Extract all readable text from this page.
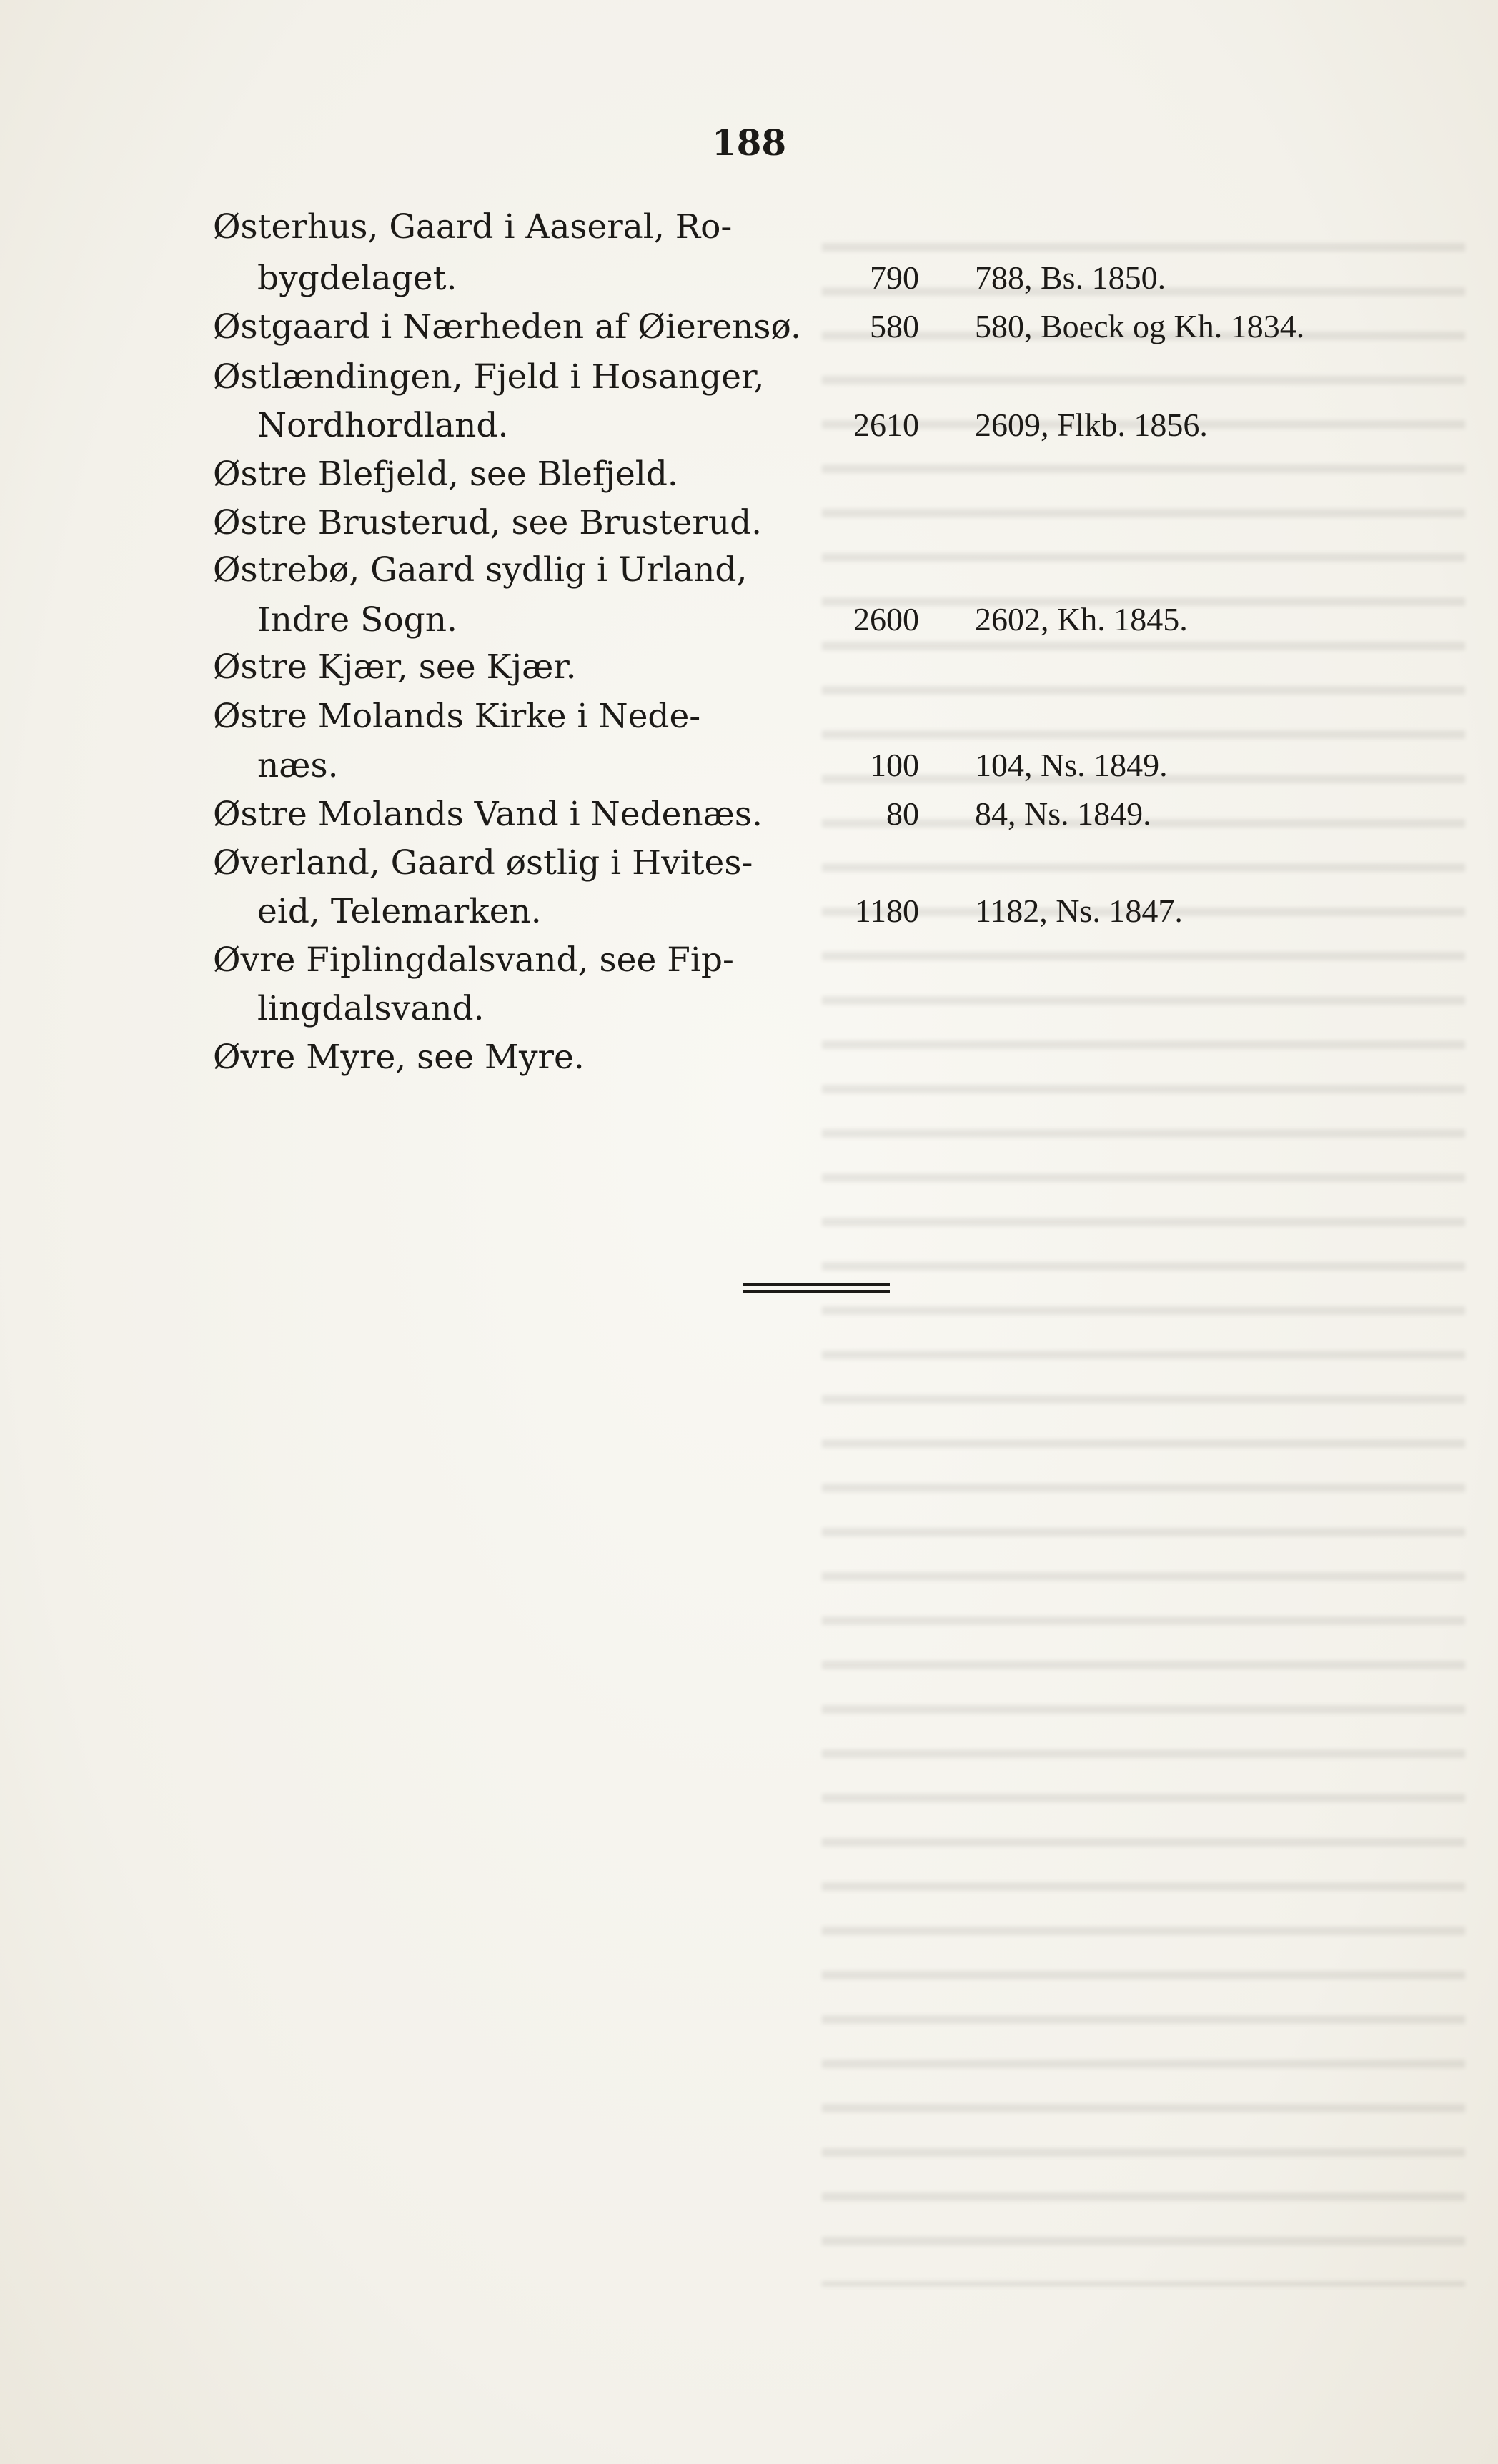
188
Østerhus, Gaard i Aaseral, Ro-
bygdelaget.	790 788, Bs. 1850.
Østgaard i Nærheden af Øierensø. 580 580, Boeck og Kh. 1834.
Østlændingen, Fjeld i Hosanger,
Nordhordland.	2610 2609, Flkb. 1856.
Østre Blefjeld, see Blefjeld.
Østre Brusterud, see Brusterud.
Østrebø, Gaard sydlig i Urland,
Indre Sogn.	2600 2602, Kh. 1845.
Østre Kjær, see Kjær.
Østre Molands Kirke i Nede-
næs.	100 104, Ns. 1849.
Østre Molands Vand i Nedenæs.	80 84, Ns. 1849.
Øverland, Gaard østlig i Hvites-
eid, Telemarken.	1180 1182, Ns. 1847.
Øvre Fiplingdalsvand, see Fip-
lingdalsvand.
Øvre Myre, see Myre.
